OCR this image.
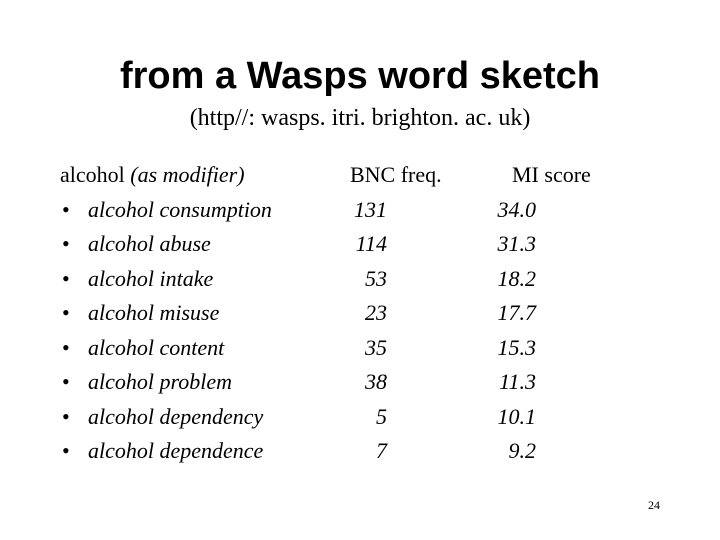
from a Wasps word sketch
(http//: wasps. itri. brighton. ac. uk)
alcohol (as modifier)	BNC freq.	MI score
• alcohol consumption	131	34.0
• alcohol abuse	114	31.3
• alcohol intake	53	18.2
• alcohol misuse	23	17.7
• alcohol content	35	15.3
• alcohol problem	38	11.3
• alcohol dependency	5	10.1
• alcohol dependence	7	9.2
24
